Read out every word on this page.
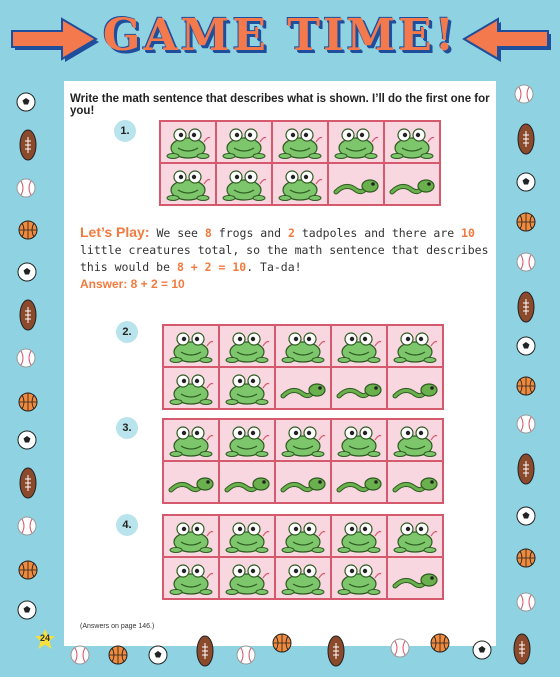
GAME TIME!
Write the math sentence that describes what is shown. I’ll do the first one for you!
1.
Let’s Play: We see 8 frogs and 2 tadpoles and there are 10 little creatures total, so the math sentence that describes this would be 8 + 2 = 10. Ta-da!
Answer: 8 + 2 = 10
2.
3.
4.
(Answers on page 146.)
24
